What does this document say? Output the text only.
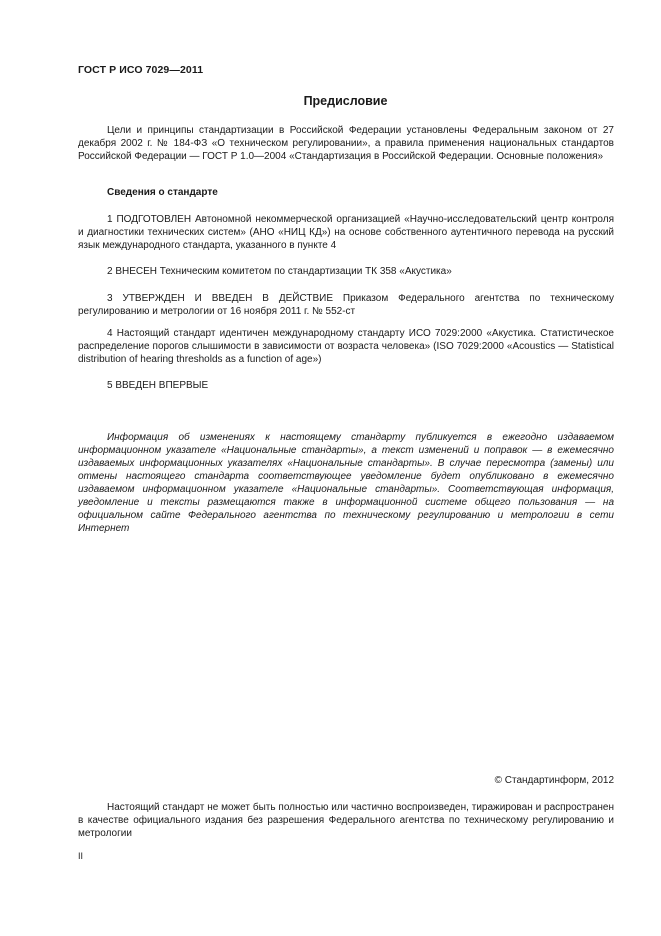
ГОСТ Р ИСО 7029—2011
Предисловие

Цели и принципы стандартизации в Российской Федерации установлены Федеральным законом от 27 декабря 2002 г. № 184-ФЗ «О техническом регулировании», а правила применения национальных стандартов Российской Федерации — ГОСТ Р 1.0—2004 «Стандартизация в Российской Федерации. Основные положения»

Сведения о стандарте

1 ПОДГОТОВЛЕН Автономной некоммерческой организацией «Научно-исследовательский центр контроля и диагностики технических систем» (АНО «НИЦ КД») на основе собственного аутентичного перевода на русский язык международного стандарта, указанного в пункте 4

2 ВНЕСЕН Техническим комитетом по стандартизации ТК 358 «Акустика»

3 УТВЕРЖДЕН И ВВЕДЕН В ДЕЙСТВИЕ Приказом Федерального агентства по техническому регулированию и метрологии от 16 ноября 2011 г. № 552-ст

4 Настоящий стандарт идентичен международному стандарту ИСО 7029:2000 «Акустика. Статистическое распределение порогов слышимости в зависимости от возраста человека» (ISO 7029:2000 «Acoustics — Statistical distribution of hearing thresholds as a function of age»)

5 ВВЕДЕН ВПЕРВЫЕ

Информация об изменениях к настоящему стандарту публикуется в ежегодно издаваемом информационном указателе «Национальные стандарты», а текст изменений и поправок — в ежемесячно издаваемых информационных указателях «Национальные стандарты». В случае пересмотра (замены) или отмены настоящего стандарта соответствующее уведомление будет опубликовано в ежемесячно издаваемом информационном указателе «Национальные стандарты». Соответствующая информация, уведомление и тексты размещаются также в информационной системе общего пользования — на официальном сайте Федерального агентства по техническому регулированию и метрологии в сети Интернет

© Стандартинформ, 2012

Настоящий стандарт не может быть полностью или частично воспроизведен, тиражирован и распространен в качестве официального издания без разрешения Федерального агентства по техническому регулированию и метрологии

II
